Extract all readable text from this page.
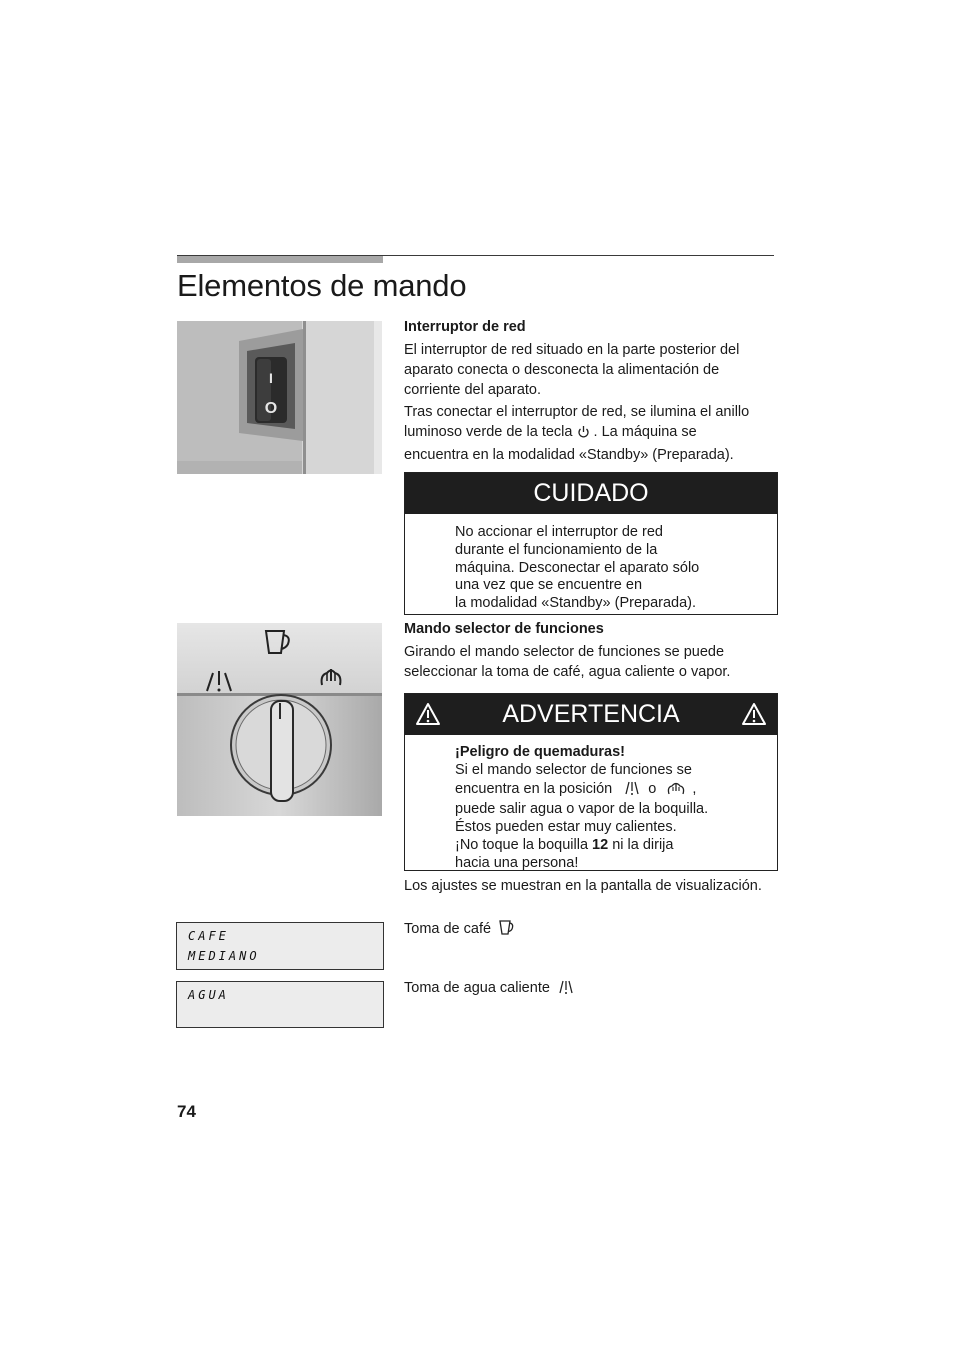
Elementos de mando
I
O
Interruptor de red
El interruptor de red situado en la parte posterior del aparato conecta o desconecta la alimentación de corriente del aparato.
Tras conectar el interruptor de red, se ilumina el anillo
luminoso verde de la tecla . La máquina se
encuentra en la modalidad «Standby» (Preparada).
CUIDADO
No accionar el interruptor de red
durante el funcionamiento de la
máquina. Desconectar el aparato sólo
una vez que se encuentre en
la modalidad «Standby» (Preparada).
Mando selector de funciones
Girando el mando selector de funciones se puede seleccionar la toma de café, agua caliente o vapor.
ADVERTENCIA
¡Peligro de quemaduras!
Si el mando selector de funciones se
encuentra en la posición o ,
puede salir agua o vapor de la boquilla.
Éstos pueden estar muy calientes.
¡No toque la boquilla 12 ni la dirija
hacia una persona!
Los ajustes se muestran en la pantalla de visualización.
CAFE
MEDIANO
Toma de café
AGUA	Toma de agua caliente
74
